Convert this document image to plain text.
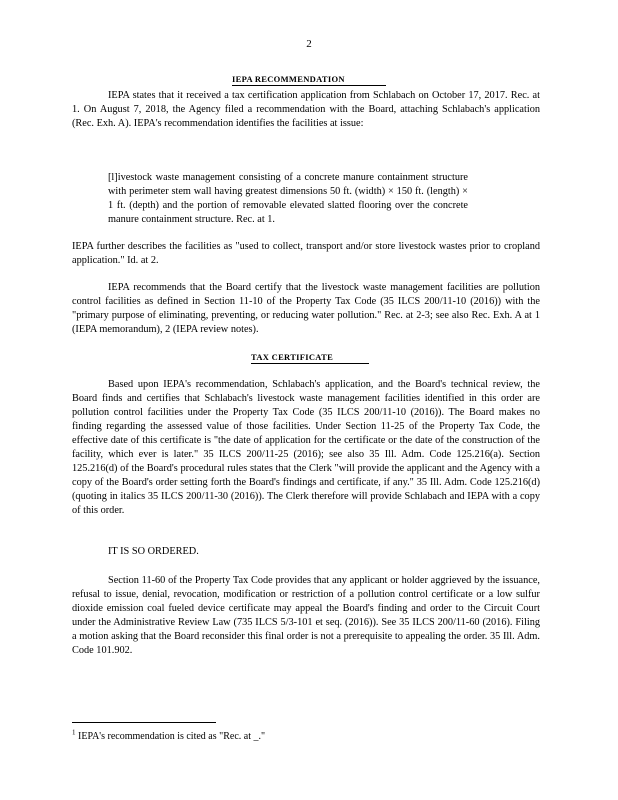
2
IEPA RECOMMENDATION

IEPA states that it received a tax certification application from Schlabach on October 17, 2017. Rec. at 1. On August 7, 2018, the Agency filed a recommendation with the Board, attaching Schlabach's application (Rec. Exh. A). IEPA's recommendation identifies the facilities at issue:

[l]ivestock waste management consisting of a concrete manure containment structure with perimeter stem wall having greatest dimensions 50 ft. (width) × 150 ft. (length) × 1 ft. (depth) and the portion of removable elevated slatted flooring over the concrete manure containment structure. Rec. at 1.

IEPA further describes the facilities as "used to collect, transport and/or store livestock wastes prior to cropland application." Id. at 2.

IEPA recommends that the Board certify that the livestock waste management facilities are pollution control facilities as defined in Section 11-10 of the Property Tax Code (35 ILCS 200/11-10 (2016)) with the "primary purpose of eliminating, preventing, or reducing water pollution." Rec. at 2-3; see also Rec. Exh. A at 1 (IEPA memorandum), 2 (IEPA review notes).

TAX CERTIFICATE

Based upon IEPA's recommendation, Schlabach's application, and the Board's technical review, the Board finds and certifies that Schlabach's livestock waste management facilities identified in this order are pollution control facilities under the Property Tax Code (35 ILCS 200/11-10 (2016)). The Board makes no finding regarding the assessed value of those facilities. Under Section 11-25 of the Property Tax Code, the effective date of this certificate is "the date of application for the certificate or the date of the construction of the facility, which ever is later." 35 ILCS 200/11-25 (2016); see also 35 Ill. Adm. Code 125.216(a). Section 125.216(d) of the Board's procedural rules states that the Clerk "will provide the applicant and the Agency with a copy of the Board's order setting forth the Board's findings and certificate, if any." 35 Ill. Adm. Code 125.216(d) (quoting in italics 35 ILCS 200/11-30 (2016)). The Clerk therefore will provide Schlabach and IEPA with a copy of this order.

IT IS SO ORDERED.

Section 11-60 of the Property Tax Code provides that any applicant or holder aggrieved by the issuance, refusal to issue, denial, revocation, modification or restriction of a pollution control certificate or a low sulfur dioxide emission coal fueled device certificate may appeal the Board's finding and order to the Circuit Court under the Administrative Review Law (735 ILCS 5/3-101 et seq. (2016)). See 35 ILCS 200/11-60 (2016). Filing a motion asking that the Board reconsider this final order is not a prerequisite to appealing the order. 35 Ill. Adm. Code 101.902.

$^1$ IEPA's recommendation is cited as "Rec. at _."
